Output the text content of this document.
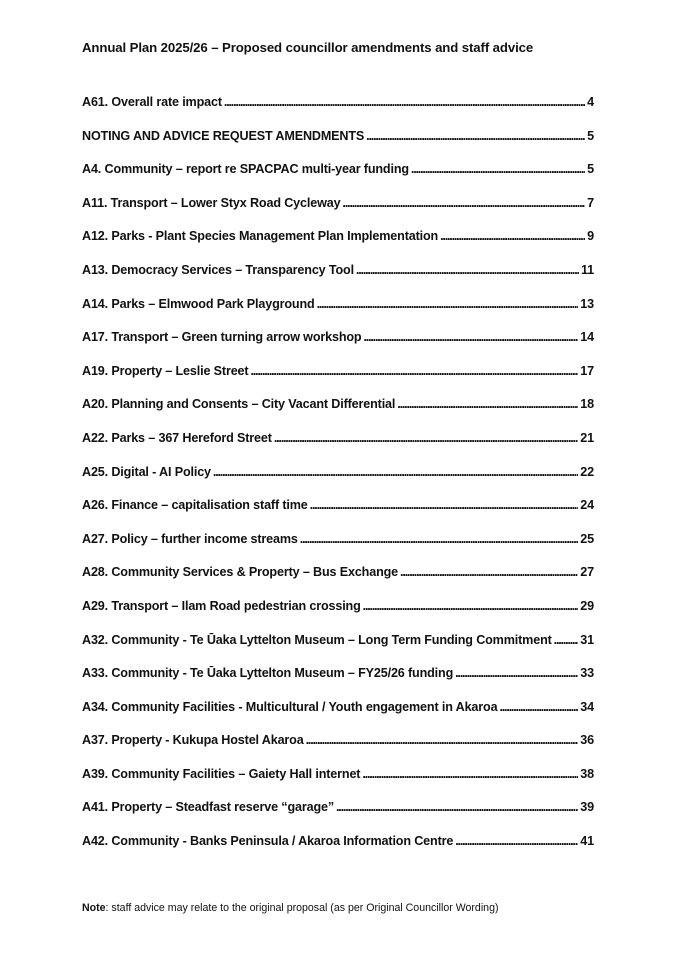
Annual Plan 2025/26 – Proposed councillor amendments and staff advice
A61. Overall rate impact . . .	4
NOTING AND ADVICE REQUEST AMENDMENTS . . .	5
A4. Community – report re SPACPAC multi-year funding . . .	5
A11. Transport – Lower Styx Road Cycleway . . .	7
A12. Parks - Plant Species Management Plan Implementation . . .	9
A13. Democracy Services – Transparency Tool . . .	11
A14. Parks – Elmwood Park Playground . . .	13
A17. Transport – Green turning arrow workshop . . .	14
A19. Property – Leslie Street . . .	17
A20. Planning and Consents – City Vacant Differential . . .	18
A22. Parks – 367 Hereford Street . . .	21
A25. Digital - AI Policy . . .	22
A26. Finance – capitalisation staff time . . .	24
A27. Policy – further income streams . . .	25
A28. Community Services & Property – Bus Exchange . . .	27
A29. Transport – Ilam Road pedestrian crossing . . .	29
A32. Community - Te Ūaka Lyttelton Museum – Long Term Funding Commitment . . . 31
A33. Community - Te Ūaka Lyttelton Museum – FY25/26 funding . . .	33
A34. Community Facilities - Multicultural / Youth engagement in Akaroa . . .	34
A37. Property - Kukupa Hostel Akaroa . . .	36
A39. Community Facilities – Gaiety Hall internet . . .	38
A41. Property – Steadfast reserve “garage” . . .	39
A42. Community - Banks Peninsula / Akaroa Information Centre . . .	41
Note: staff advice may relate to the original proposal (as per Original Councillor Wording)
